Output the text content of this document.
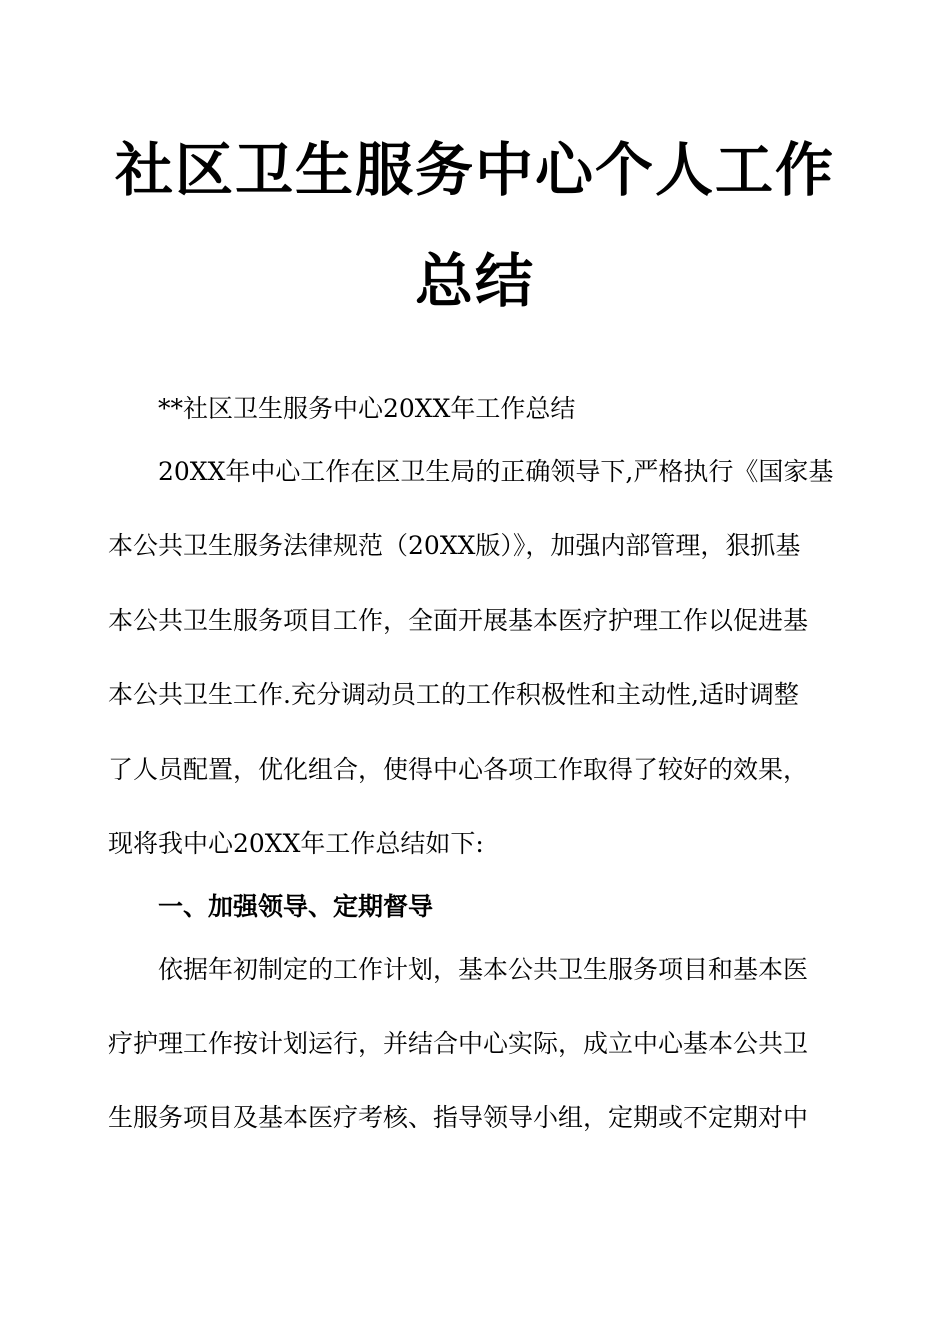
社区卫生服务中心个人工作
总结
**社区卫生服务中心20XX年工作总结
20XX年中心工作在区卫生局的正确领导下,严格执行《国家基
本公共卫生服务法律规范（20XX版）》，加强内部管理，狠抓基
本公共卫生服务项目工作，全面开展基本医疗护理工作以促进基
本公共卫生工作.充分调动员工的工作积极性和主动性,适时调整
了人员配置，优化组合，使得中心各项工作取得了较好的效果，
现将我中心20XX年工作总结如下:
一、加强领导、定期督导
依据年初制定的工作计划，基本公共卫生服务项目和基本医
疗护理工作按计划运行，并结合中心实际，成立中心基本公共卫
生服务项目及基本医疗考核、指导领导小组，定期或不定期对中
